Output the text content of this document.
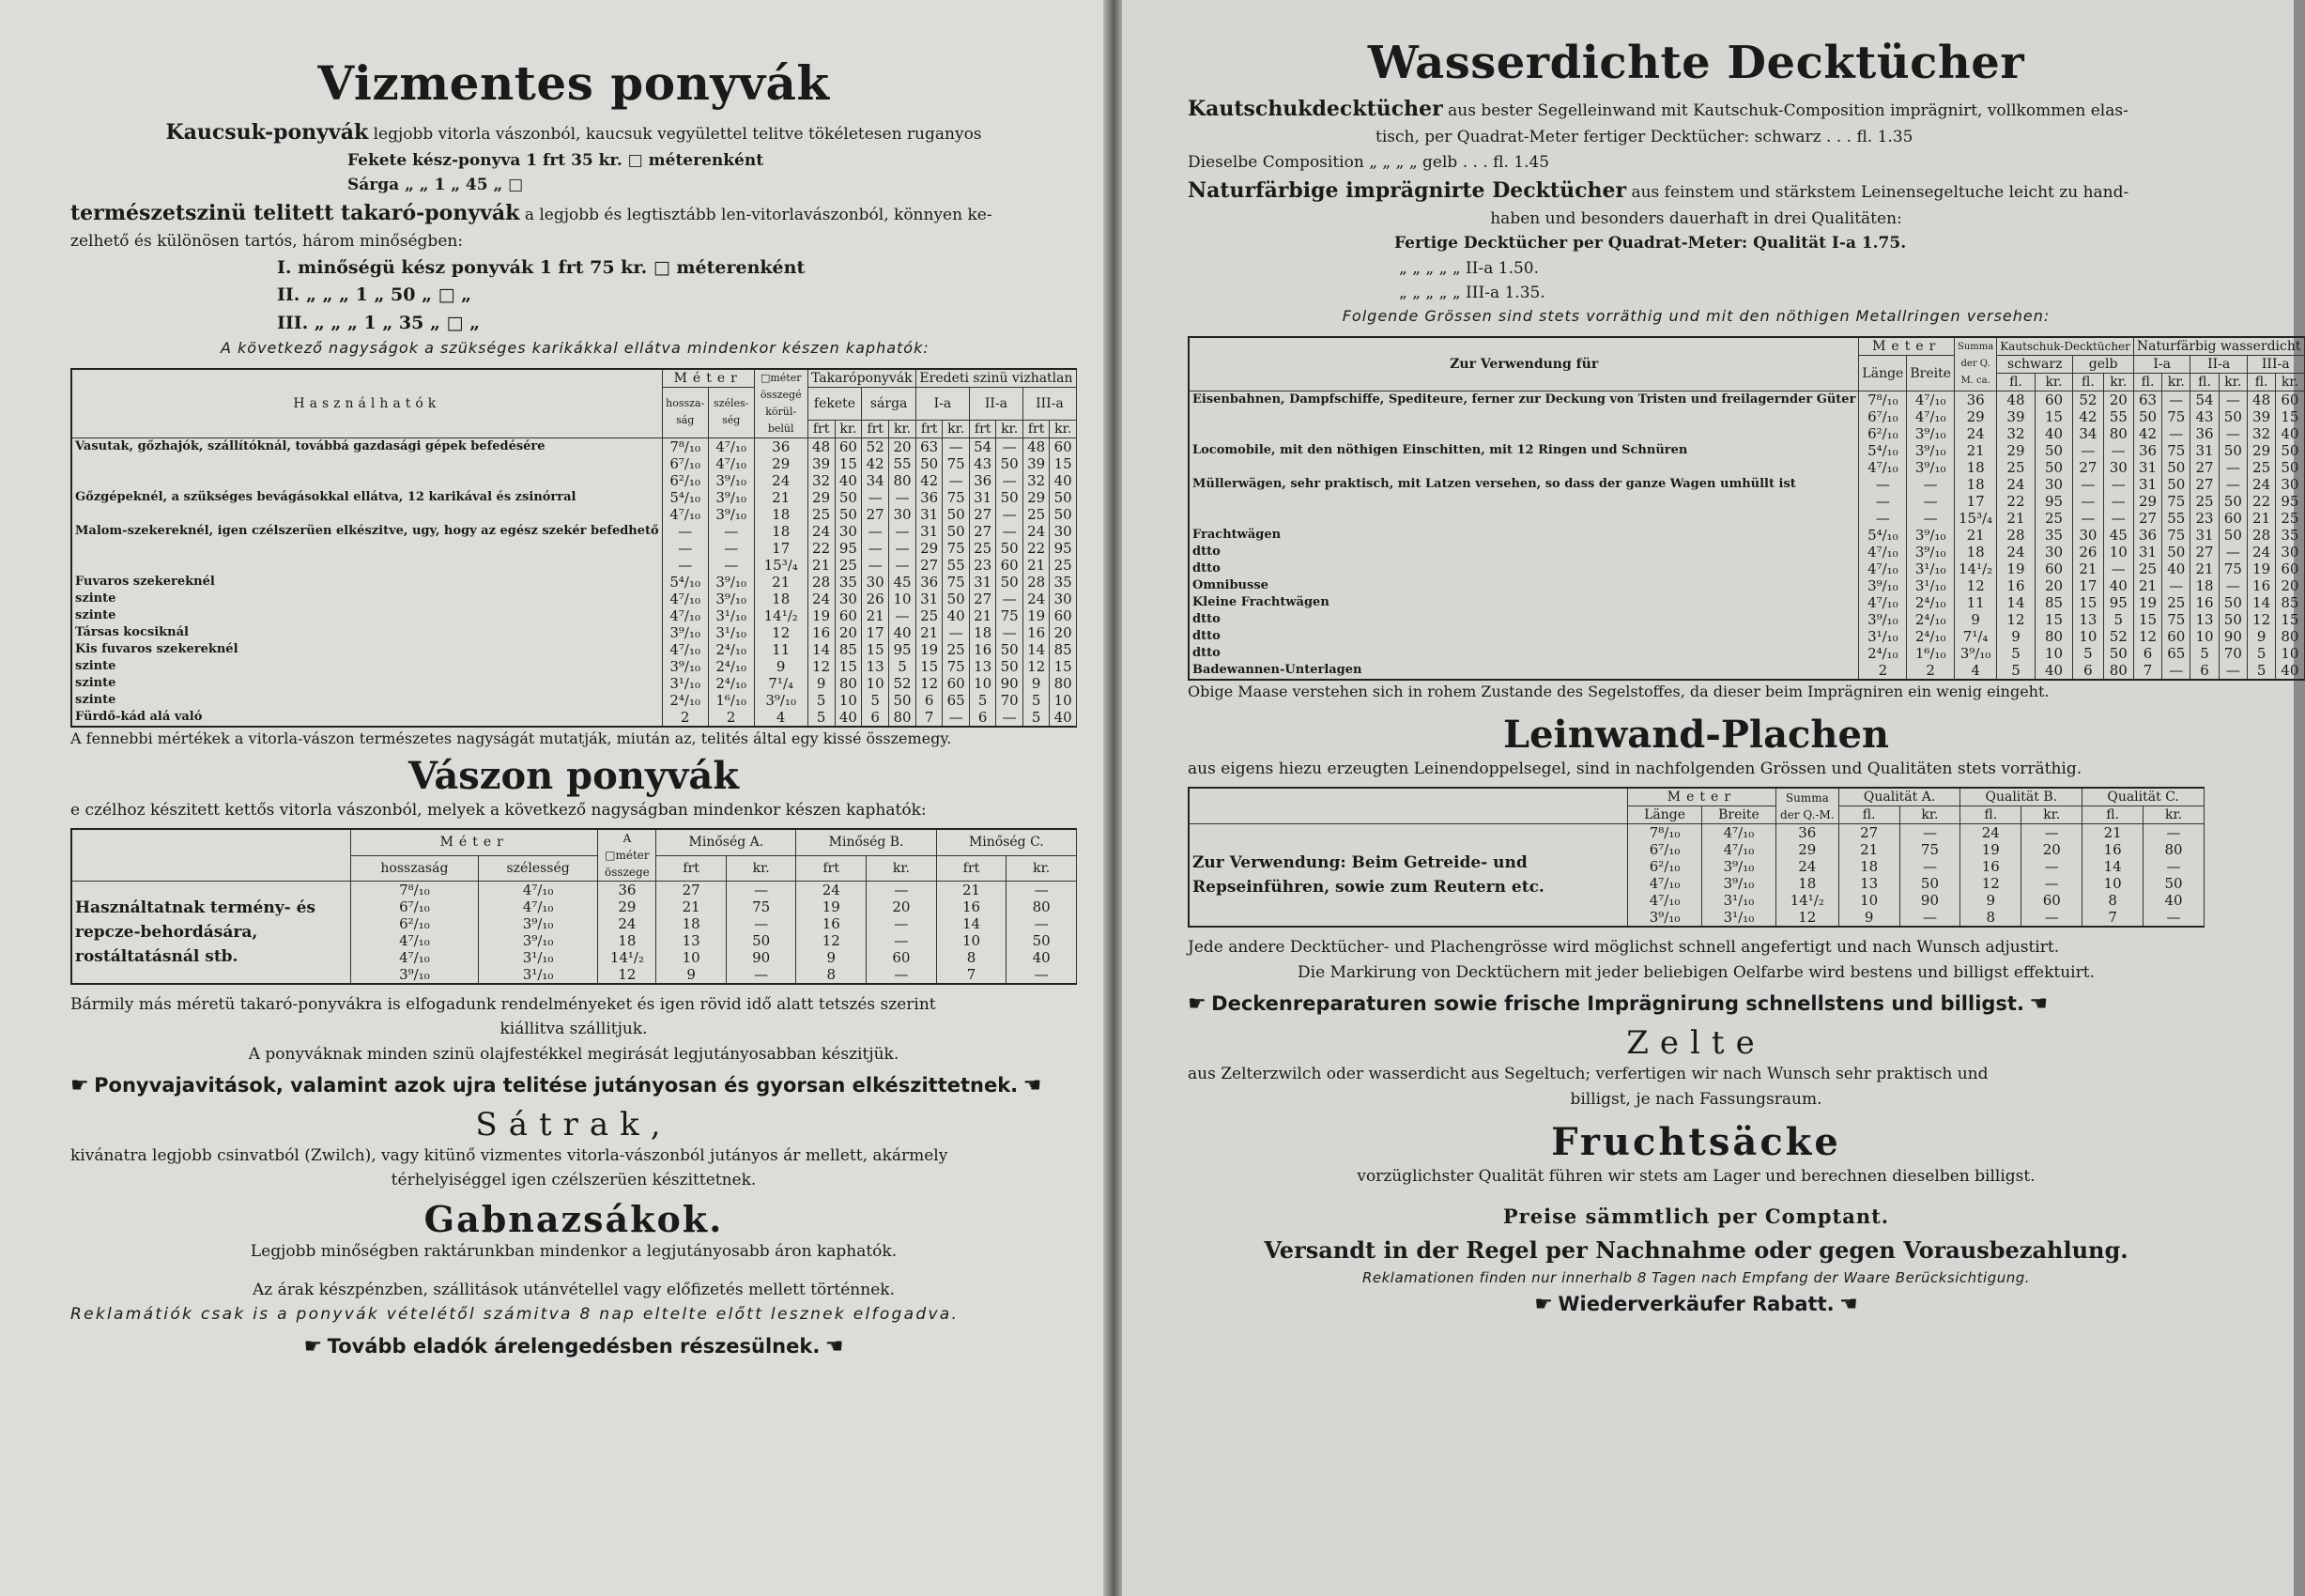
Vizmentes ponyvák

Kaucsuk-ponyvák legjobb vitorla vászonból, kaucsuk vegyülettel telitve tökéletesen ruganyos

Fekete kész-ponyva 1 frt 35 kr. □ méterenként

Sárga „ „ 1 „ 45 „ □

természetszinü telitett takaró-ponyvák a legjobb és legtisztább len-vitorlavászonból, könnyen ke-

zelhető és különösen tartós, három minőségben:

I. minőségü kész ponyvák 1 frt 75 kr. □ méterenként

II. „ „ „ 1 „ 50 „ □ „

III. „ „ „ 1 „ 35 „ □ „

A következő nagyságok a szükséges karikákkal ellátva mindenkor készen kaphatók:

Használhatók	Méter		□méter összegé körül-belül	Takaróponyvák				Eredeti szinü vizhatlan					
	hossza-ság	széles-ség		fekete		sárga		I-a		II-a		III-a	
				frt	kr.	frt	kr.	frt	kr.	frt	kr.	frt	kr.
Vasutak, gőzhajók, szállítóknál, továbbá gazdasági gépek befedésére	7⁸/₁₀	4⁷/₁₀	36	48	60	52	20	63	—	54	—	48	60
	6⁷/₁₀	4⁷/₁₀	29	39	15	42	55	50	75	43	50	39	15
	6²/₁₀	3⁹/₁₀	24	32	40	34	80	42	—	36	—	32	40
Gőzgépeknél, a szükséges bevágásokkal ellátva, 12 karikával és zsinórral	5⁴/₁₀	3⁹/₁₀	21	29	50	—	—	36	75	31	50	29	50
	4⁷/₁₀	3⁹/₁₀	18	25	50	27	30	31	50	27	—	25	50
Malom-szekereknél, igen czélszerüen elkészitve, ugy, hogy az egész szekér befedhető	—	—	18	24	30	—	—	31	50	27	—	24	30
	—	—	17	22	95	—	—	29	75	25	50	22	95
	—	—	15³/₄	21	25	—	—	27	55	23	60	21	25
Fuvaros szekereknél	5⁴/₁₀	3⁹/₁₀	21	28	35	30	45	36	75	31	50	28	35
szinte	4⁷/₁₀	3⁹/₁₀	18	24	30	26	10	31	50	27	—	24	30
szinte	4⁷/₁₀	3¹/₁₀	14¹/₂	19	60	21	—	25	40	21	75	19	60
Társas kocsiknál	3⁹/₁₀	3¹/₁₀	12	16	20	17	40	21	—	18	—	16	20
Kis fuvaros szekereknél	4⁷/₁₀	2⁴/₁₀	11	14	85	15	95	19	25	16	50	14	85
szinte	3⁹/₁₀	2⁴/₁₀	9	12	15	13	5	15	75	13	50	12	15
szinte	3¹/₁₀	2⁴/₁₀	7¹/₄	9	80	10	52	12	60	10	90	9	80
szinte	2⁴/₁₀	1⁶/₁₀	3⁹/₁₀	5	10	5	50	6	65	5	70	5	10
Fürdő-kád alá való	2	2	4	5	40	6	80	7	—	6	—	5	40

A fennebbi mértékek a vitorla-vászon természetes nagyságát mutatják, miután az, telités által egy kissé összemegy.

Vászon ponyvák

e czélhoz készitett kettős vitorla vászonból, melyek a következő nagyságban mindenkor készen kaphatók:

	Méter		A □méter összege	Minőség A.		Minőség B.		Minőség C.	
	hosszaság	szélesség		frt	kr.	frt	kr.	frt	kr.
Használtatnak termény- és repcze-behordására, rostáltatásnál stb.	7⁸/₁₀	4⁷/₁₀	36	27	—	24	—	21	—
	6⁷/₁₀	4⁷/₁₀	29	21	75	19	20	16	80
	6²/₁₀	3⁹/₁₀	24	18	—	16	—	14	—
	4⁷/₁₀	3⁹/₁₀	18	13	50	12	—	10	50
	4⁷/₁₀	3¹/₁₀	14¹/₂	10	90	9	60	8	40
	3⁹/₁₀	3¹/₁₀	12	9	—	8	—	7	—

Bármily más méretü takaró-ponyvákra is elfogadunk rendelményeket és igen rövid idő alatt tetszés szerint

kiállitva szállitjuk.

A ponyváknak minden szinü olajfestékkel megirását legjutányosabban készitjük.

☛ Ponyvajavitások, valamint azok ujra telitése jutányosan és gyorsan elkészittetnek. ☚

Sátrak,

kivánatra legjobb csinvatból (Zwilch), vagy kitünő vizmentes vitorla-vászonból jutányos ár mellett, akármely

térhelyiséggel igen czélszerüen készittetnek.

Gabnazsákok.

Legjobb minőségben raktárunkban mindenkor a legjutányosabb áron kaphatók.

Az árak készpénzben, szállitások utánvétellel vagy előfizetés mellett történnek.

Reklamátiók csak is a ponyvák vételétől számitva 8 nap eltelte előtt lesznek elfogadva.

☛ Tovább eladók árelengedésben részesülnek. ☚

Wasserdichte Decktücher

Kautschukdecktücher aus bester Segelleinwand mit Kautschuk-Composition imprägnirt, vollkommen elas-

tisch, per Quadrat-Meter fertiger Decktücher: schwarz . . . fl. 1.35

Dieselbe Composition „ „ „ „ gelb . . . fl. 1.45

Naturfärbige imprägnirte Decktücher aus feinstem und stärkstem Leinensegeltuche leicht zu hand-

haben und besonders dauerhaft in drei Qualitäten:

Fertige Decktücher per Quadrat-Meter: Qualität I-a 1.75.

„ „ „ „ „ II-a 1.50.

„ „ „ „ „ III-a 1.35.

Folgende Grössen sind stets vorräthig und mit den nöthigen Metallringen versehen:

Zur Verwendung für	Meter		Summa der Q. M. ca.	Kautschuk-Decktücher				Naturfärbig wasserdicht					
	Länge	Breite		schwarz		gelb		I-a		II-a		III-a	
				fl.	kr.	fl.	kr.	fl.	kr.	fl.	kr.	fl.	kr.
Eisenbahnen, Dampfschiffe, Spediteure, ferner zur Deckung von Tristen und freilagernder Güter	7⁸/₁₀	4⁷/₁₀	36	48	60	52	20	63	—	54	—	48	60
	6⁷/₁₀	4⁷/₁₀	29	39	15	42	55	50	75	43	50	39	15
	6²/₁₀	3⁹/₁₀	24	32	40	34	80	42	—	36	—	32	40
Locomobile, mit den nöthigen Einschitten, mit 12 Ringen und Schnüren	5⁴/₁₀	3⁹/₁₀	21	29	50	—	—	36	75	31	50	29	50
	4⁷/₁₀	3⁹/₁₀	18	25	50	27	30	31	50	27	—	25	50
Müllerwägen, sehr praktisch, mit Latzen versehen, so dass der ganze Wagen umhüllt ist	—	—	18	24	30	—	—	31	50	27	—	24	30
	—	—	17	22	95	—	—	29	75	25	50	22	95
	—	—	15³/₄	21	25	—	—	27	55	23	60	21	25
Frachtwägen	5⁴/₁₀	3⁹/₁₀	21	28	35	30	45	36	75	31	50	28	35
dtto	4⁷/₁₀	3⁹/₁₀	18	24	30	26	10	31	50	27	—	24	30
dtto	4⁷/₁₀	3¹/₁₀	14¹/₂	19	60	21	—	25	40	21	75	19	60
Omnibusse	3⁹/₁₀	3¹/₁₀	12	16	20	17	40	21	—	18	—	16	20
Kleine Frachtwägen	4⁷/₁₀	2⁴/₁₀	11	14	85	15	95	19	25	16	50	14	85
dtto	3⁹/₁₀	2⁴/₁₀	9	12	15	13	5	15	75	13	50	12	15
dtto	3¹/₁₀	2⁴/₁₀	7¹/₄	9	80	10	52	12	60	10	90	9	80
dtto	2⁴/₁₀	1⁶/₁₀	3⁹/₁₀	5	10	5	50	6	65	5	70	5	10
Badewannen-Unterlagen	2	2	4	5	40	6	80	7	—	6	—	5	40

Obige Maase verstehen sich in rohem Zustande des Segelstoffes, da dieser beim Imprägniren ein wenig eingeht.

Leinwand-Plachen

aus eigens hiezu erzeugten Leinendoppelsegel, sind in nachfolgenden Grössen und Qualitäten stets vorräthig.

	Meter		Summa der Q.-M.	Qualität A.		Qualität B.		Qualität C.	
	Länge	Breite		fl.	kr.	fl.	kr.	fl.	kr.
Zur Verwendung: Beim Getreide- und Repseinführen, sowie zum Reutern etc.	7⁸/₁₀	4⁷/₁₀	36	27	—	24	—	21	—
	6⁷/₁₀	4⁷/₁₀	29	21	75	19	20	16	80
	6²/₁₀	3⁹/₁₀	24	18	—	16	—	14	—
	4⁷/₁₀	3⁹/₁₀	18	13	50	12	—	10	50
	4⁷/₁₀	3¹/₁₀	14¹/₂	10	90	9	60	8	40
	3⁹/₁₀	3¹/₁₀	12	9	—	8	—	7	—

Jede andere Decktücher- und Plachengrösse wird möglichst schnell angefertigt und nach Wunsch adjustirt.

Die Markirung von Decktüchern mit jeder beliebigen Oelfarbe wird bestens und billigst effektuirt.

☛ Deckenreparaturen sowie frische Imprägnirung schnellstens und billigst. ☚

Zelte

aus Zelterzwilch oder wasserdicht aus Segeltuch; verfertigen wir nach Wunsch sehr praktisch und

billigst, je nach Fassungsraum.

Fruchtsäcke

vorzüglichster Qualität führen wir stets am Lager und berechnen dieselben billigst.

Preise sämmtlich per Comptant.

Versandt in der Regel per Nachnahme oder gegen Vorausbezahlung.

Reklamationen finden nur innerhalb 8 Tagen nach Empfang der Waare Berücksichtigung.

☛ Wiederverkäufer Rabatt. ☚
